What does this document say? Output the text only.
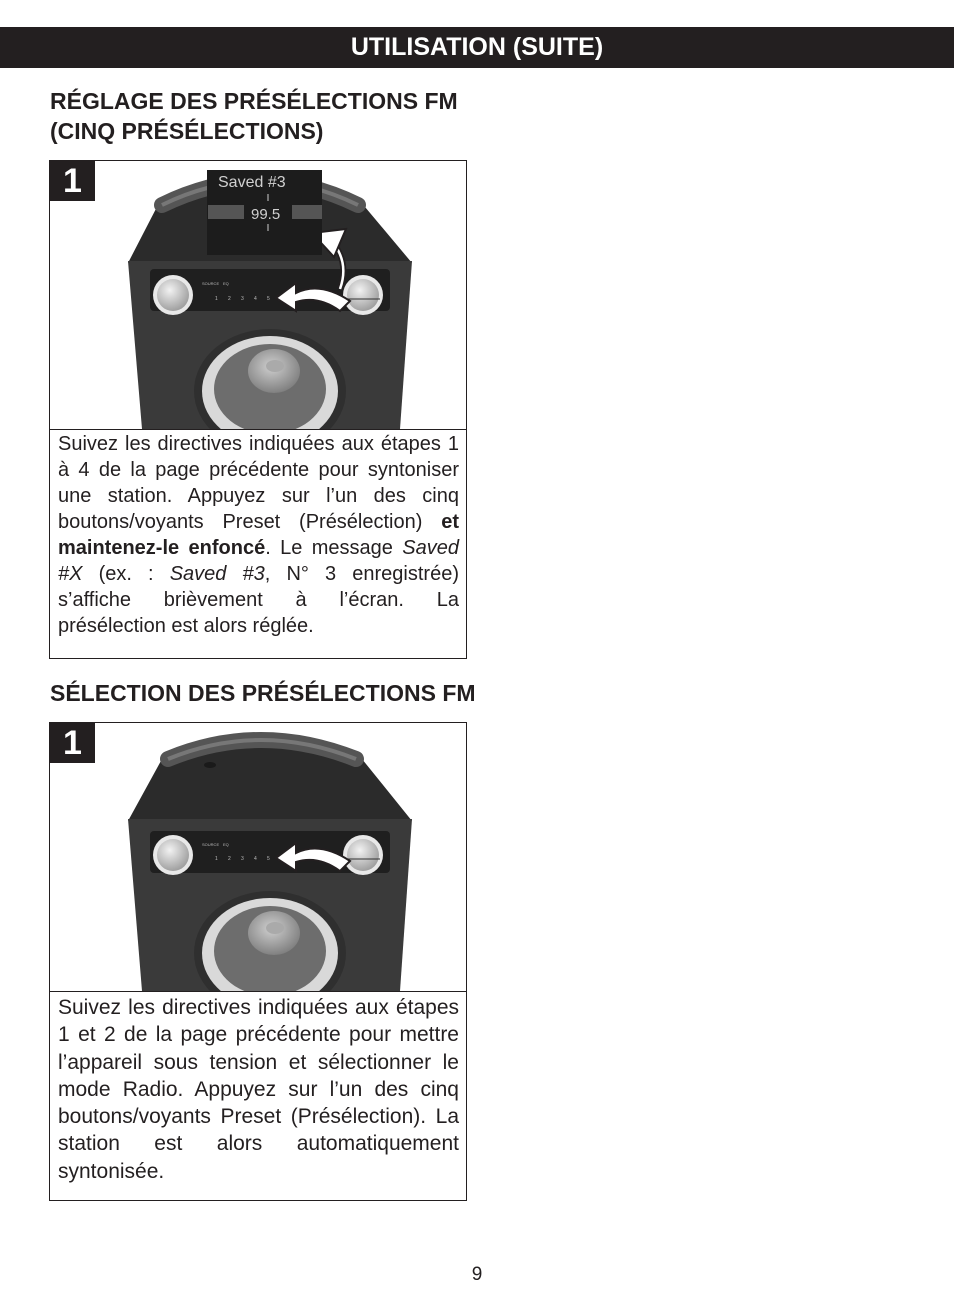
UTILISATION (SUITE)
RÉGLAGE DES PRÉSÉLECTIONS FM
(CINQ PRÉSÉLECTIONS)
1
SOURCE EQ
1 2 3 4 5
Saved #3
99.5

Suivez les directives indiquées aux étapes 1 à 4 de la page précédente pour syntoniser une station. Appuyez sur l’un des cinq boutons/voyants Preset (Présélection) et maintenez-le enfoncé. Le message Saved #X (ex. : Saved #3, N° 3 enregistrée) s’affiche brièvement à l’écran. La présélection est alors réglée.

SÉLECTION DES PRÉSÉLECTIONS FM
1
SOURCE EQ
1 2 3 4 5

Suivez les directives indiquées aux étapes 1 et 2 de la page précédente pour mettre l’appareil sous tension et sélectionner le mode Radio. Appuyez sur l’un des cinq boutons/voyants Preset (Présélection). La station est alors automatiquement syntonisée.

9
